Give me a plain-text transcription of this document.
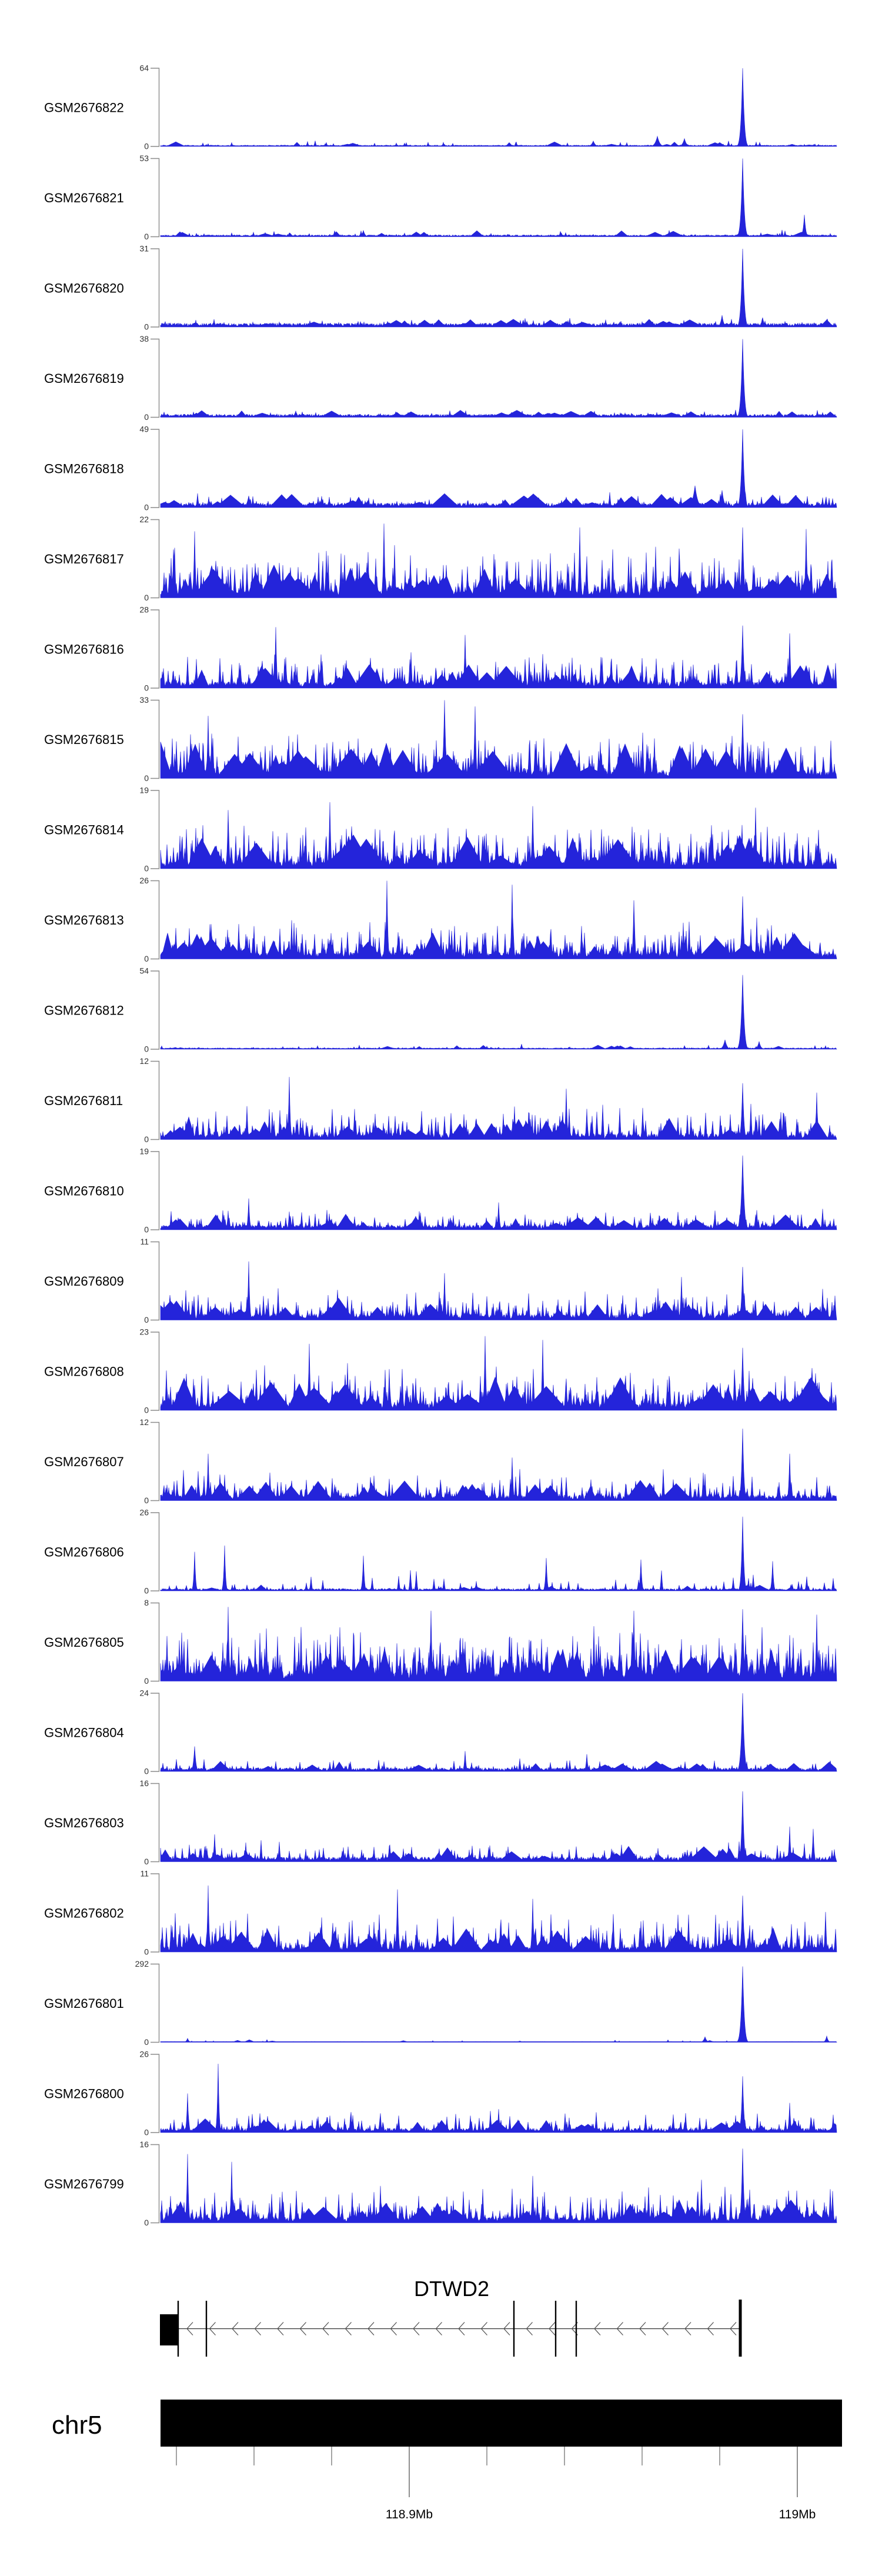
64
0
GSM2676822
53
0
GSM2676821
31
0
GSM2676820
38
0
GSM2676819
49
0
GSM2676818
22
0
GSM2676817
28
0
GSM2676816
33
0
GSM2676815
19
0
GSM2676814
26
0
GSM2676813
54
0
GSM2676812
12
0
GSM2676811
19
0
GSM2676810
11
0
GSM2676809
23
0
GSM2676808
12
0
GSM2676807
26
0
GSM2676806
8
0
GSM2676805
24
0
GSM2676804
16
0
GSM2676803
11
0
GSM2676802
292
0
GSM2676801
26
0
GSM2676800
16
0
GSM2676799
DTWD2
chr5
118.9Mb	119Mb
